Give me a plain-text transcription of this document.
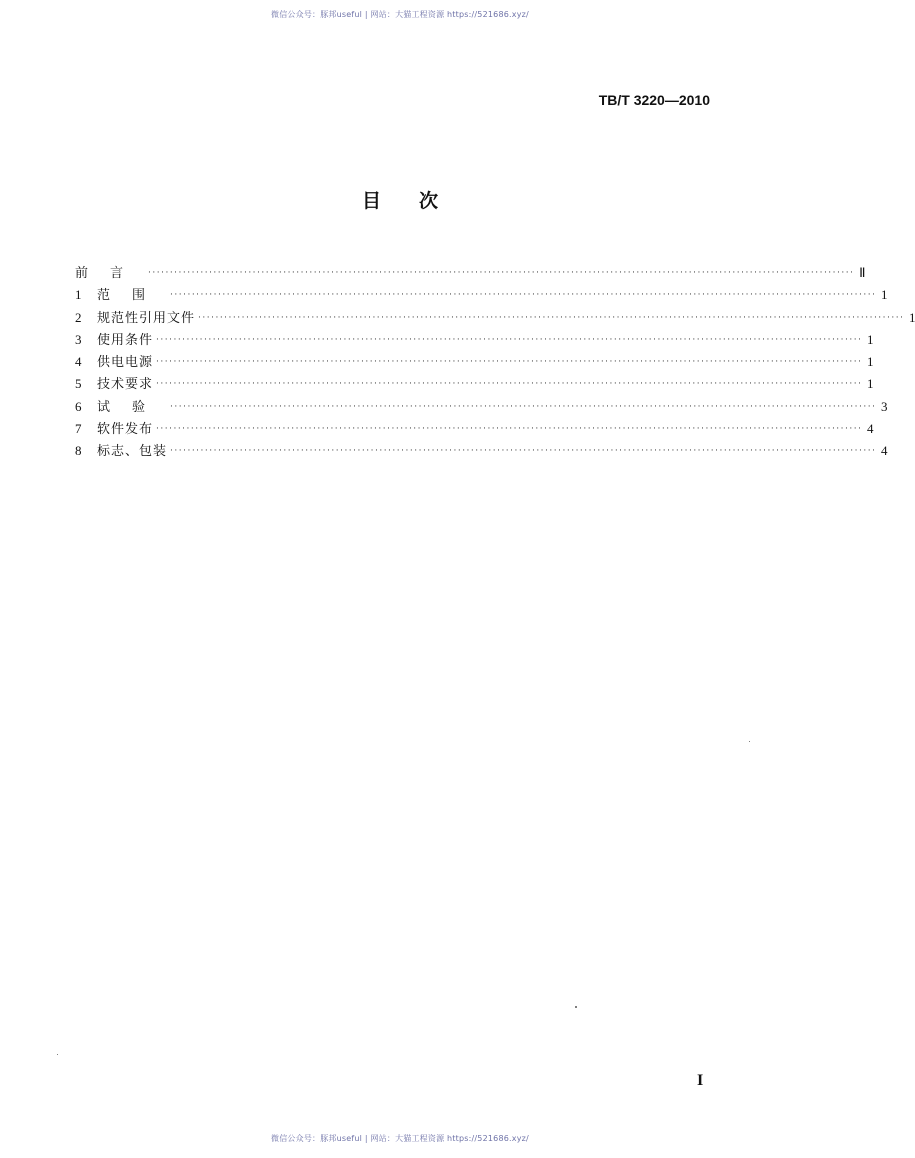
微信公众号：豚邦useful | 网站：大猫工程资源 https://521686.xyz/
TB/T 3220—2010
目次
前言 ·································································································································································· Ⅱ
1	范围 ·································································································································································· 1
2	规范性引用文件 ·································································································································································· 1
3	使用条件 ·································································································································································· 1
4	供电电源 ·································································································································································· 1
5	技术要求 ·································································································································································· 1
6	试验 ·································································································································································· 3
7	软件发布 ·································································································································································· 4
8	标志、包装 ·································································································································································· 4
I
微信公众号：豚邦useful | 网站：大猫工程资源 https://521686.xyz/
